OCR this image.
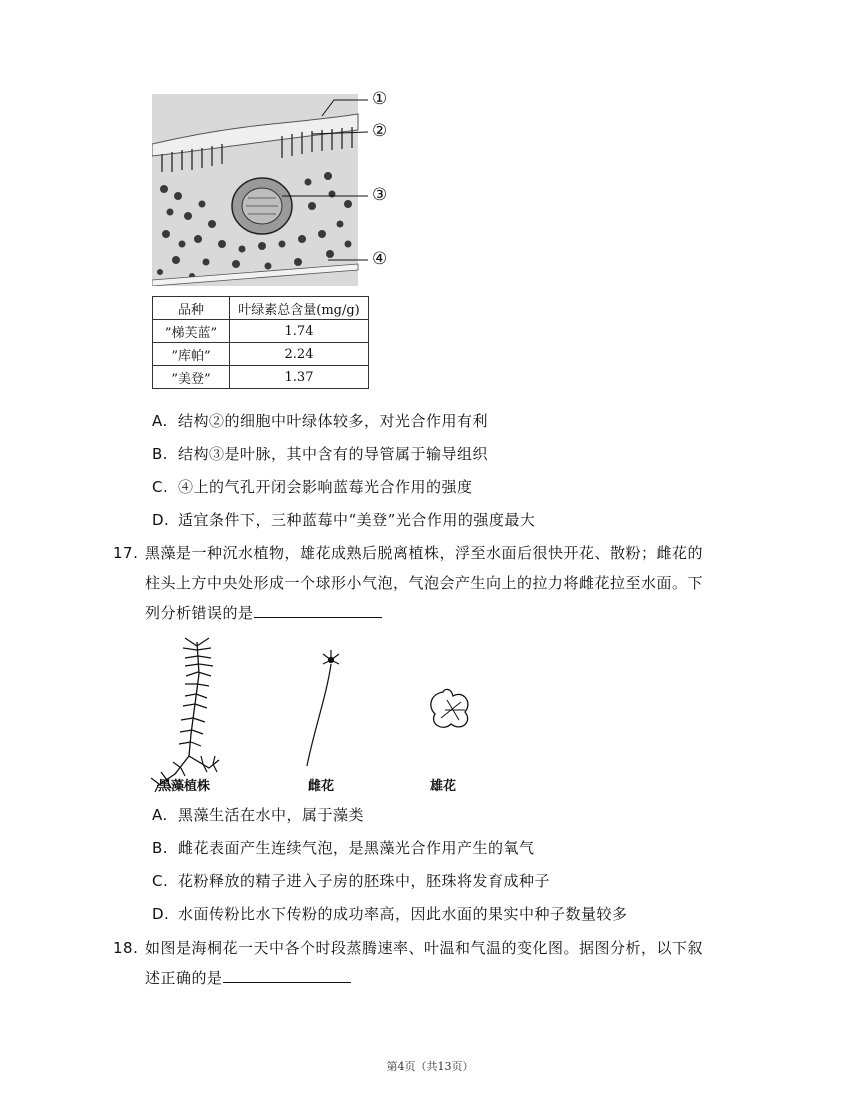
①
②
③
④
品种	叶绿素总含量(mg/g)
”梯芙蓝”	1.74
”库帕”	2.24
”美登”	1.37
A. 结构②的细胞中叶绿体较多，对光合作用有利
B. 结构③是叶脉，其中含有的导管属于输导组织
C. ④上的气孔开闭会影响蓝莓光合作用的强度
D. 适宜条件下，三种蓝莓中“美登”光合作用的强度最大
17. 黑藻是一种沉水植物，雄花成熟后脱离植株，浮至水面后很快开花、散粉；雌花的
柱头上方中央处形成一个球形小气泡，气泡会产生向上的拉力将雌花拉至水面。下
列分析错误的是
黑藻植株	雌花	雄花
A. 黑藻生活在水中，属于藻类
B. 雌花表面产生连续气泡，是黑藻光合作用产生的氧气
C. 花粉释放的精子进入子房的胚珠中，胚珠将发育成种子
D. 水面传粉比水下传粉的成功率高，因此水面的果实中种子数量较多
18. 如图是海桐花一天中各个时段蒸腾速率、叶温和气温的变化图。据图分析，以下叙
述正确的是
第4页（共13页）
